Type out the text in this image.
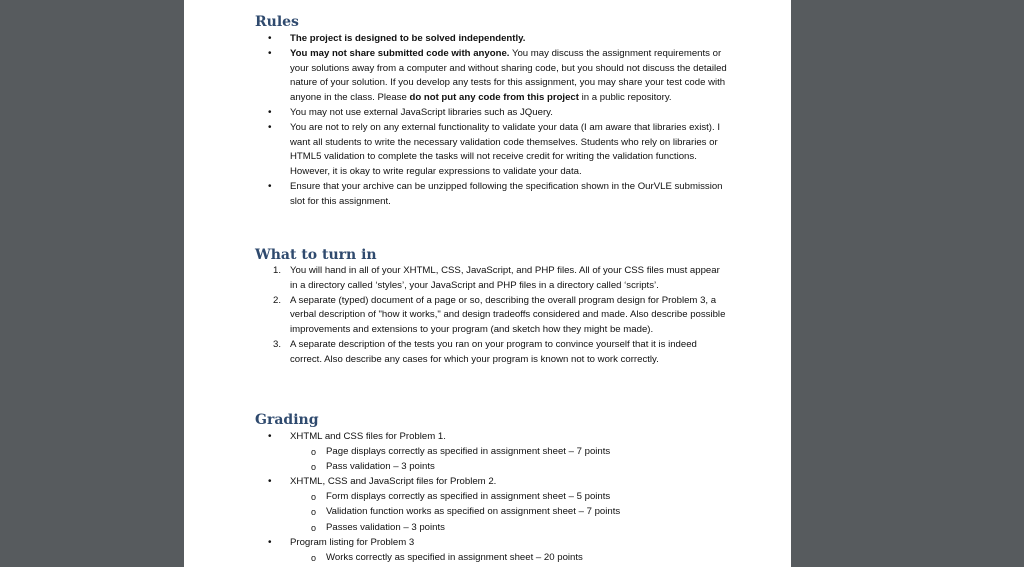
Rules
•	The project is designed to be solved independently.
•	You may not share submitted code with anyone. You may discuss the assignment requirements or your solutions away from a computer and without sharing code, but you should not discuss the detailed nature of your solution. If you develop any tests for this assignment, you may share your test code with anyone in the class. Please do not put any code from this project in a public repository.
•	You may not use external JavaScript libraries such as JQuery.
•	You are not to rely on any external functionality to validate your data (I am aware that libraries exist). I want all students to write the necessary validation code themselves. Students who rely on libraries or HTML5 validation to complete the tasks will not receive credit for writing the validation functions. However, it is okay to write regular expressions to validate your data.
•	Ensure that your archive can be unzipped following the specification shown in the OurVLE submission slot for this assignment.
What to turn in
1. You will hand in all of your XHTML, CSS, JavaScript, and PHP files. All of your CSS files must appear in a directory called ‘styles’, your JavaScript and PHP files in a directory called ‘scripts’.
2. A separate (typed) document of a page or so, describing the overall program design for Problem 3, a verbal description of "how it works," and design tradeoffs considered and made. Also describe possible improvements and extensions to your program (and sketch how they might be made).
3. A separate description of the tests you ran on your program to convince yourself that it is indeed correct. Also describe any cases for which your program is known not to work correctly.
Grading
•	XHTML and CSS files for Problem 1.
o	Page displays correctly as specified in assignment sheet – 7 points
o	Pass validation – 3 points
•	XHTML, CSS and JavaScript files for Problem 2.
o	Form displays correctly as specified in assignment sheet – 5 points
o	Validation function works as specified on assignment sheet – 7 points
o	Passes validation – 3 points
•	Program listing for Problem 3
o	Works correctly as specified in assignment sheet – 20 points
